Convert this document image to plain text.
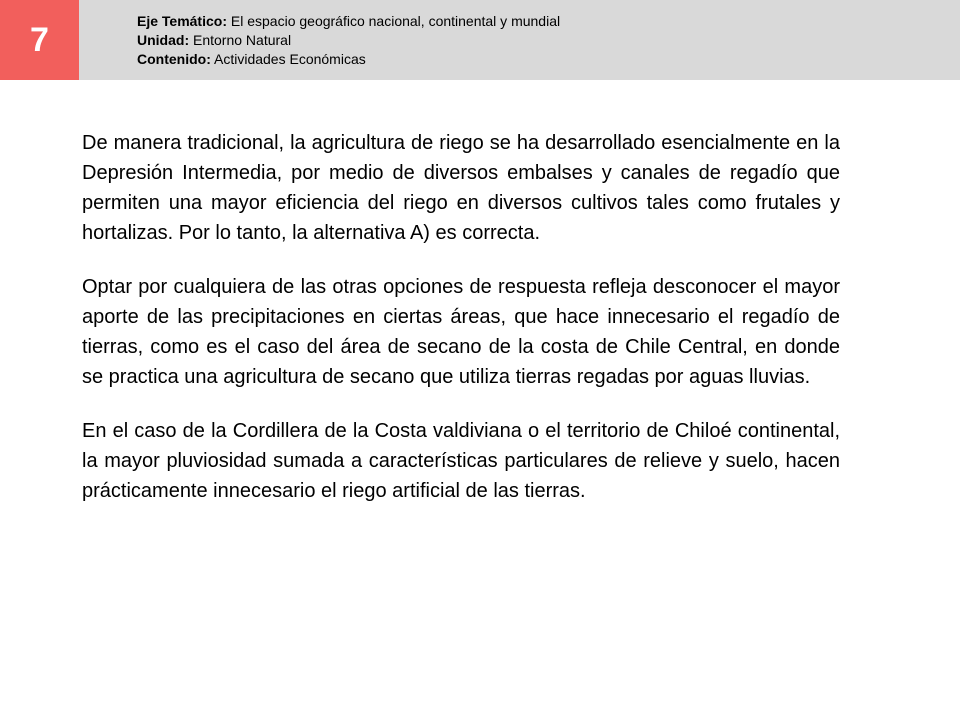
7	Eje Temático: El espacio geográfico nacional, continental y mundial
Unidad: Entorno Natural
Contenido: Actividades Económicas

De manera tradicional, la agricultura de riego se ha desarrollado esencialmente en la Depresión Intermedia, por medio de diversos embalses y canales de regadío que permiten una mayor eficiencia del riego en diversos cultivos tales como frutales y hortalizas. Por lo tanto, la alternativa A) es correcta.

Optar por cualquiera de las otras opciones de respuesta refleja desconocer el mayor aporte de las precipitaciones en ciertas áreas, que hace innecesario el regadío de tierras, como es el caso del área de secano de la costa de Chile Central, en donde se practica una agricultura de secano que utiliza tierras regadas por aguas lluvias.

En el caso de la Cordillera de la Costa valdiviana o el territorio de Chiloé continental, la mayor pluviosidad sumada a características particulares de relieve y suelo, hacen prácticamente innecesario el riego artificial de las tierras.
